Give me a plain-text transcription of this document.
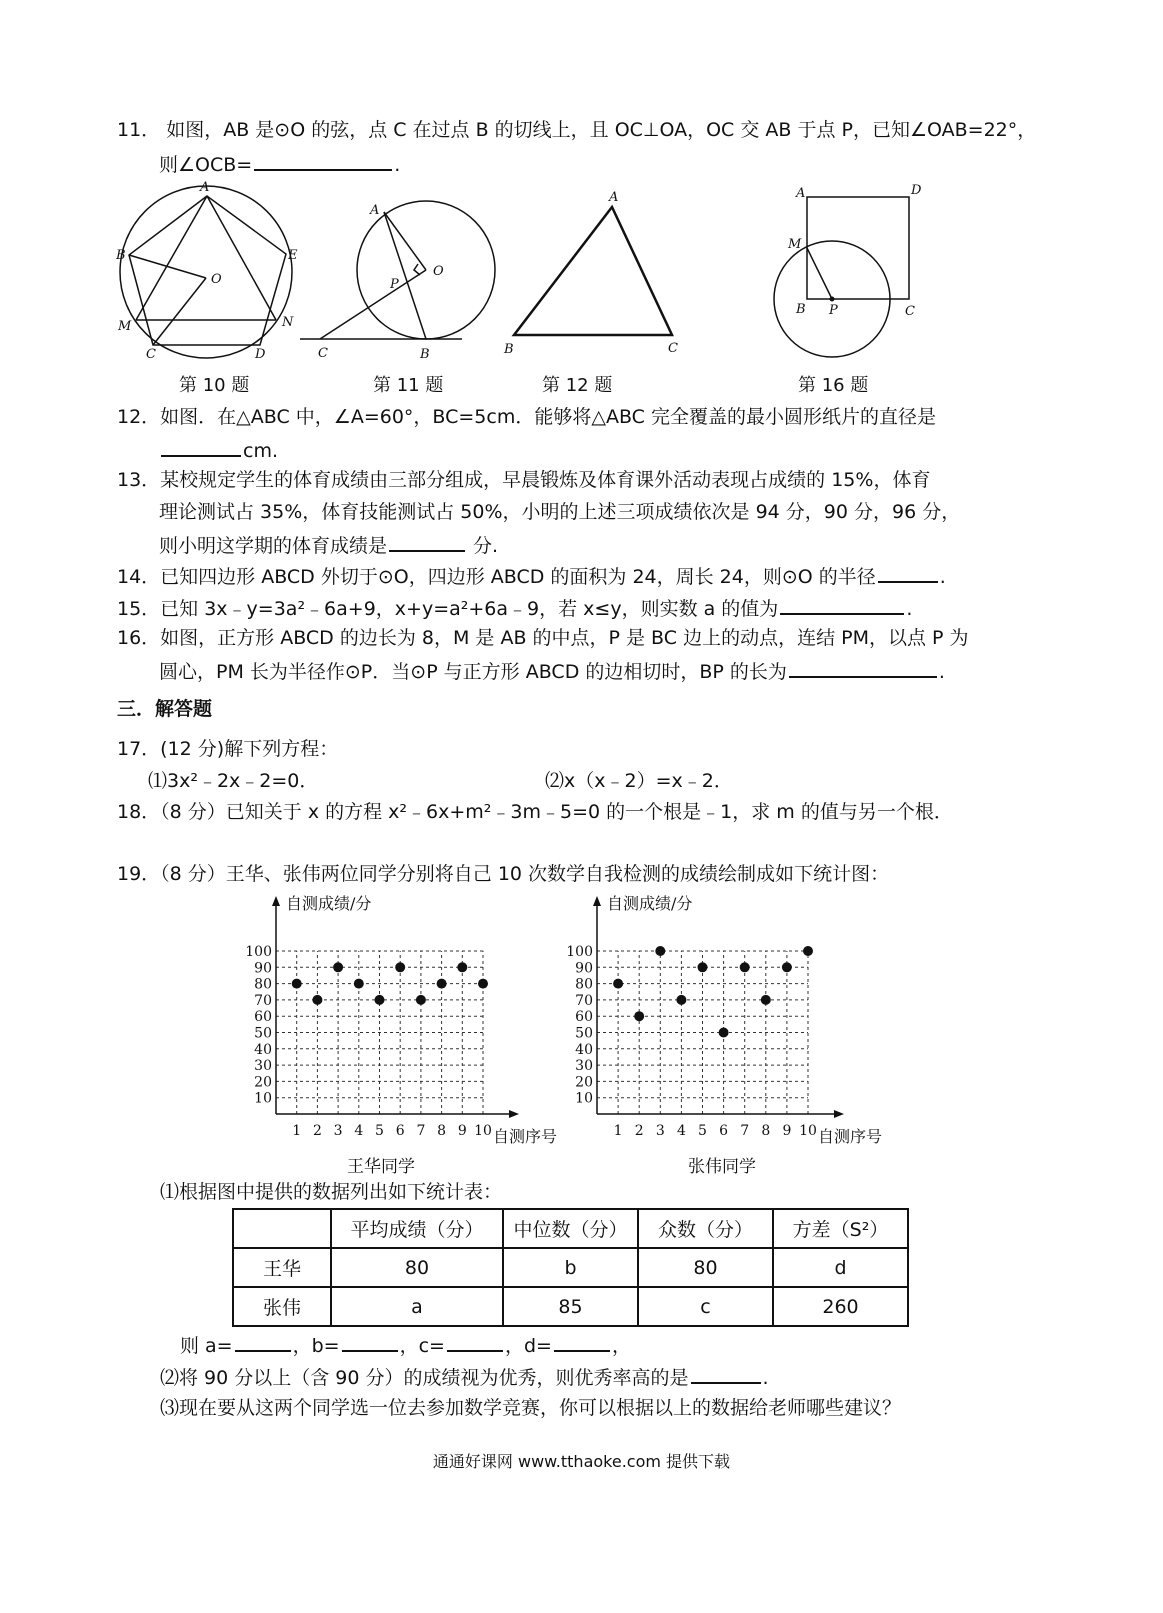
11． 如图，AB 是⊙O 的弦，点 C 在过点 B 的切线上，且 OC⊥OA，OC 交 AB 于点 P，已知∠OAB=22°，
则∠OCB=	.
A
B	E
O
M	N
C	D
A
O
P
C	B
A
B	C
A	D
M
B P	C
第 10 题	第 11 题	第 12 题	第 16 题
12．如图．在△ABC 中，∠A=60°，BC=5cm．能够将△ABC 完全覆盖的最小圆形纸片的直径是
cm.
13．某校规定学生的体育成绩由三部分组成，早晨锻炼及体育课外活动表现占成绩的 15%，体育
理论测试占 35%，体育技能测试占 50%，小明的上述三项成绩依次是 94 分，90 分，96 分，
则小明这学期的体育成绩是	分.
14．已知四边形 ABCD 外切于⊙O，四边形 ABCD 的面积为 24，周长 24，则⊙O 的半径	.
15．已知 3x﹣y=3a²﹣6a+9，x+y=a²+6a﹣9，若 x≤y，则实数 a 的值为	.
16．如图，正方形 ABCD 的边长为 8，M 是 AB 的中点，P 是 BC 边上的动点，连结 PM，以点 P 为
圆心，PM 长为半径作⊙P．当⊙P 与正方形 ABCD 的边相切时，BP 的长为	.
三．解答题
17．(12 分)解下列方程：
⑴3x²﹣2x﹣2=0．	⑵x（x﹣2）=x﹣2．
18．（8 分）已知关于 x 的方程 x²﹣6x+m²﹣3m﹣5=0 的一个根是﹣1，求 m 的值与另一个根．
19．（8 分）王华、张伟两位同学分别将自己 10 次数学自我检测的成绩绘制成如下统计图：
10
20
30
40
50
60
70
80
90
100
1 2 3 4 5 6 7 8 9 10
自测成绩/分
自测序号
王华同学
10
20
30
40
50
60
70
80
90
100
1 2 3 4 5 6 7 8 9 10
自测成绩/分
自测序号
张伟同学
⑴根据图中提供的数据列出如下统计表：
	平均成绩（分）	中位数（分）	众数（分）	方差（S²）
王华	80	b	80	d
张伟	a	85	c	260
则 a=	，b=	，c=	，d=	，
⑵将 90 分以上（含 90 分）的成绩视为优秀，则优秀率高的是	.
⑶现在要从这两个同学选一位去参加数学竞赛，你可以根据以上的数据给老师哪些建议？
通通好课网 www.tthaoke.com 提供下载
